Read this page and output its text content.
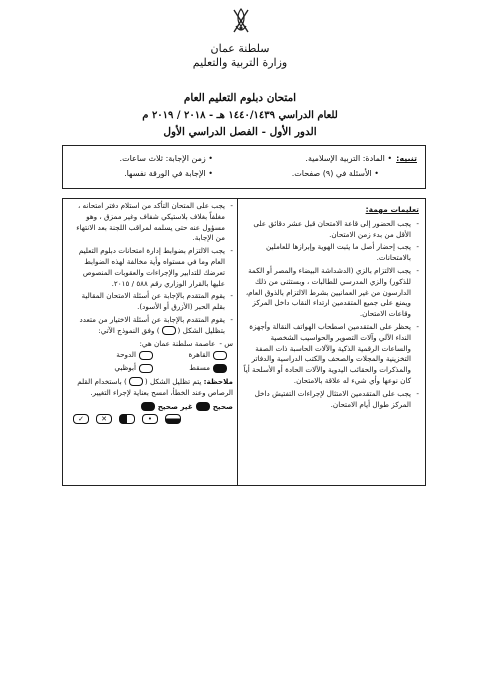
سلطنة عمان
وزارة التربية والتعليم
امتحان دبلوم التعليم العام
للعام الدراسي ١٤٤٠/١٤٣٩ هـ - ٢٠١٨ / ٢٠١٩ م
الدور الأول - الفصل الدراسي الأول
تنبيه:• المادة: التربية الإسلامية.
• الأسئلة في (٩) صفحات.
• زمن الإجابة: ثلاث ساعات.
• الإجابة في الورقة نفسها.
تعليمات مهمة:
- يجب الحضور إلى قاعة الامتحان قبل عشر دقائق على الأقل من بدء زمن الامتحان.
- يجب إحضار أصل ما يثبت الهوية وإبرازها للعاملين بالامتحانات.
- يجب الالتزام بالزي (الدشداشة البيضاء والمصر أو الكمة للذكور) والزي المدرسي للطالبات ، وبستثنى من ذلك الدارسون من غير العمانيين بشرط الالتزام بالذوق العام، ويمنع على جميع المتقدمين ارتداء النقاب داخل المركز وقاعات الامتحان.
- يحظر على المتقدمين اصطحاب الهواتف النقالة وأجهزة النداء الآلي وآلات التصوير والحواسيب الشخصية والساعات الرقمية الذكية والآلات الحاسبة ذات الصفة التخزينية والمجلات والصحف والكتب الدراسية والدفاتر والمذكرات والحقائب اليدوية والآلات الحادة أو الأسلحة أياً كان نوعها وأي شيء له علاقة بالامتحان.
- يجب على المتقدمين الامتثال لإجراءات التفتيش داخل المركز طوال أيام الامتحان.
- يجب على المتحان التأكد من استلام دفتر امتحانه ، مغلفاً بغلاف بلاستيكي شفاف وغير ممزق ، وهو مسؤول عنه حتى يسلمه لمراقب اللجنة بعد الانتهاء من الإجابة.
- يجب الالتزام بضوابط إدارة امتحانات دبلوم التعليم العام وما في مستواه وأية مخالفة لهذه الضوابط تعرضك للتدابير والإجراءات والعقوبات المنصوص عليها بالقرار الوزاري رقم ٥٨٨ / ٢٠١٥.
- يقوم المتقدم بالإجابة عن أسئلة الامتحان المقالية بقلم الحبر (الأزرق أو الأسود).
- يقوم المتقدم بالإجابة عن أسئلة الاختيار من متعدد بتظليل الشكل () وفق النموذج الآتي:
س -
عاصمة سلطنة عمان هي:
القاهرة
الدوحة
مسقط
أبوظبي
ملاحظة: يتم تظليل الشكل () باستخدام القلم الرصاص وعند الخطأ، امسح بعناية لإجراء التغيير.
صحيح
غير صحيح
✓	✕	•
